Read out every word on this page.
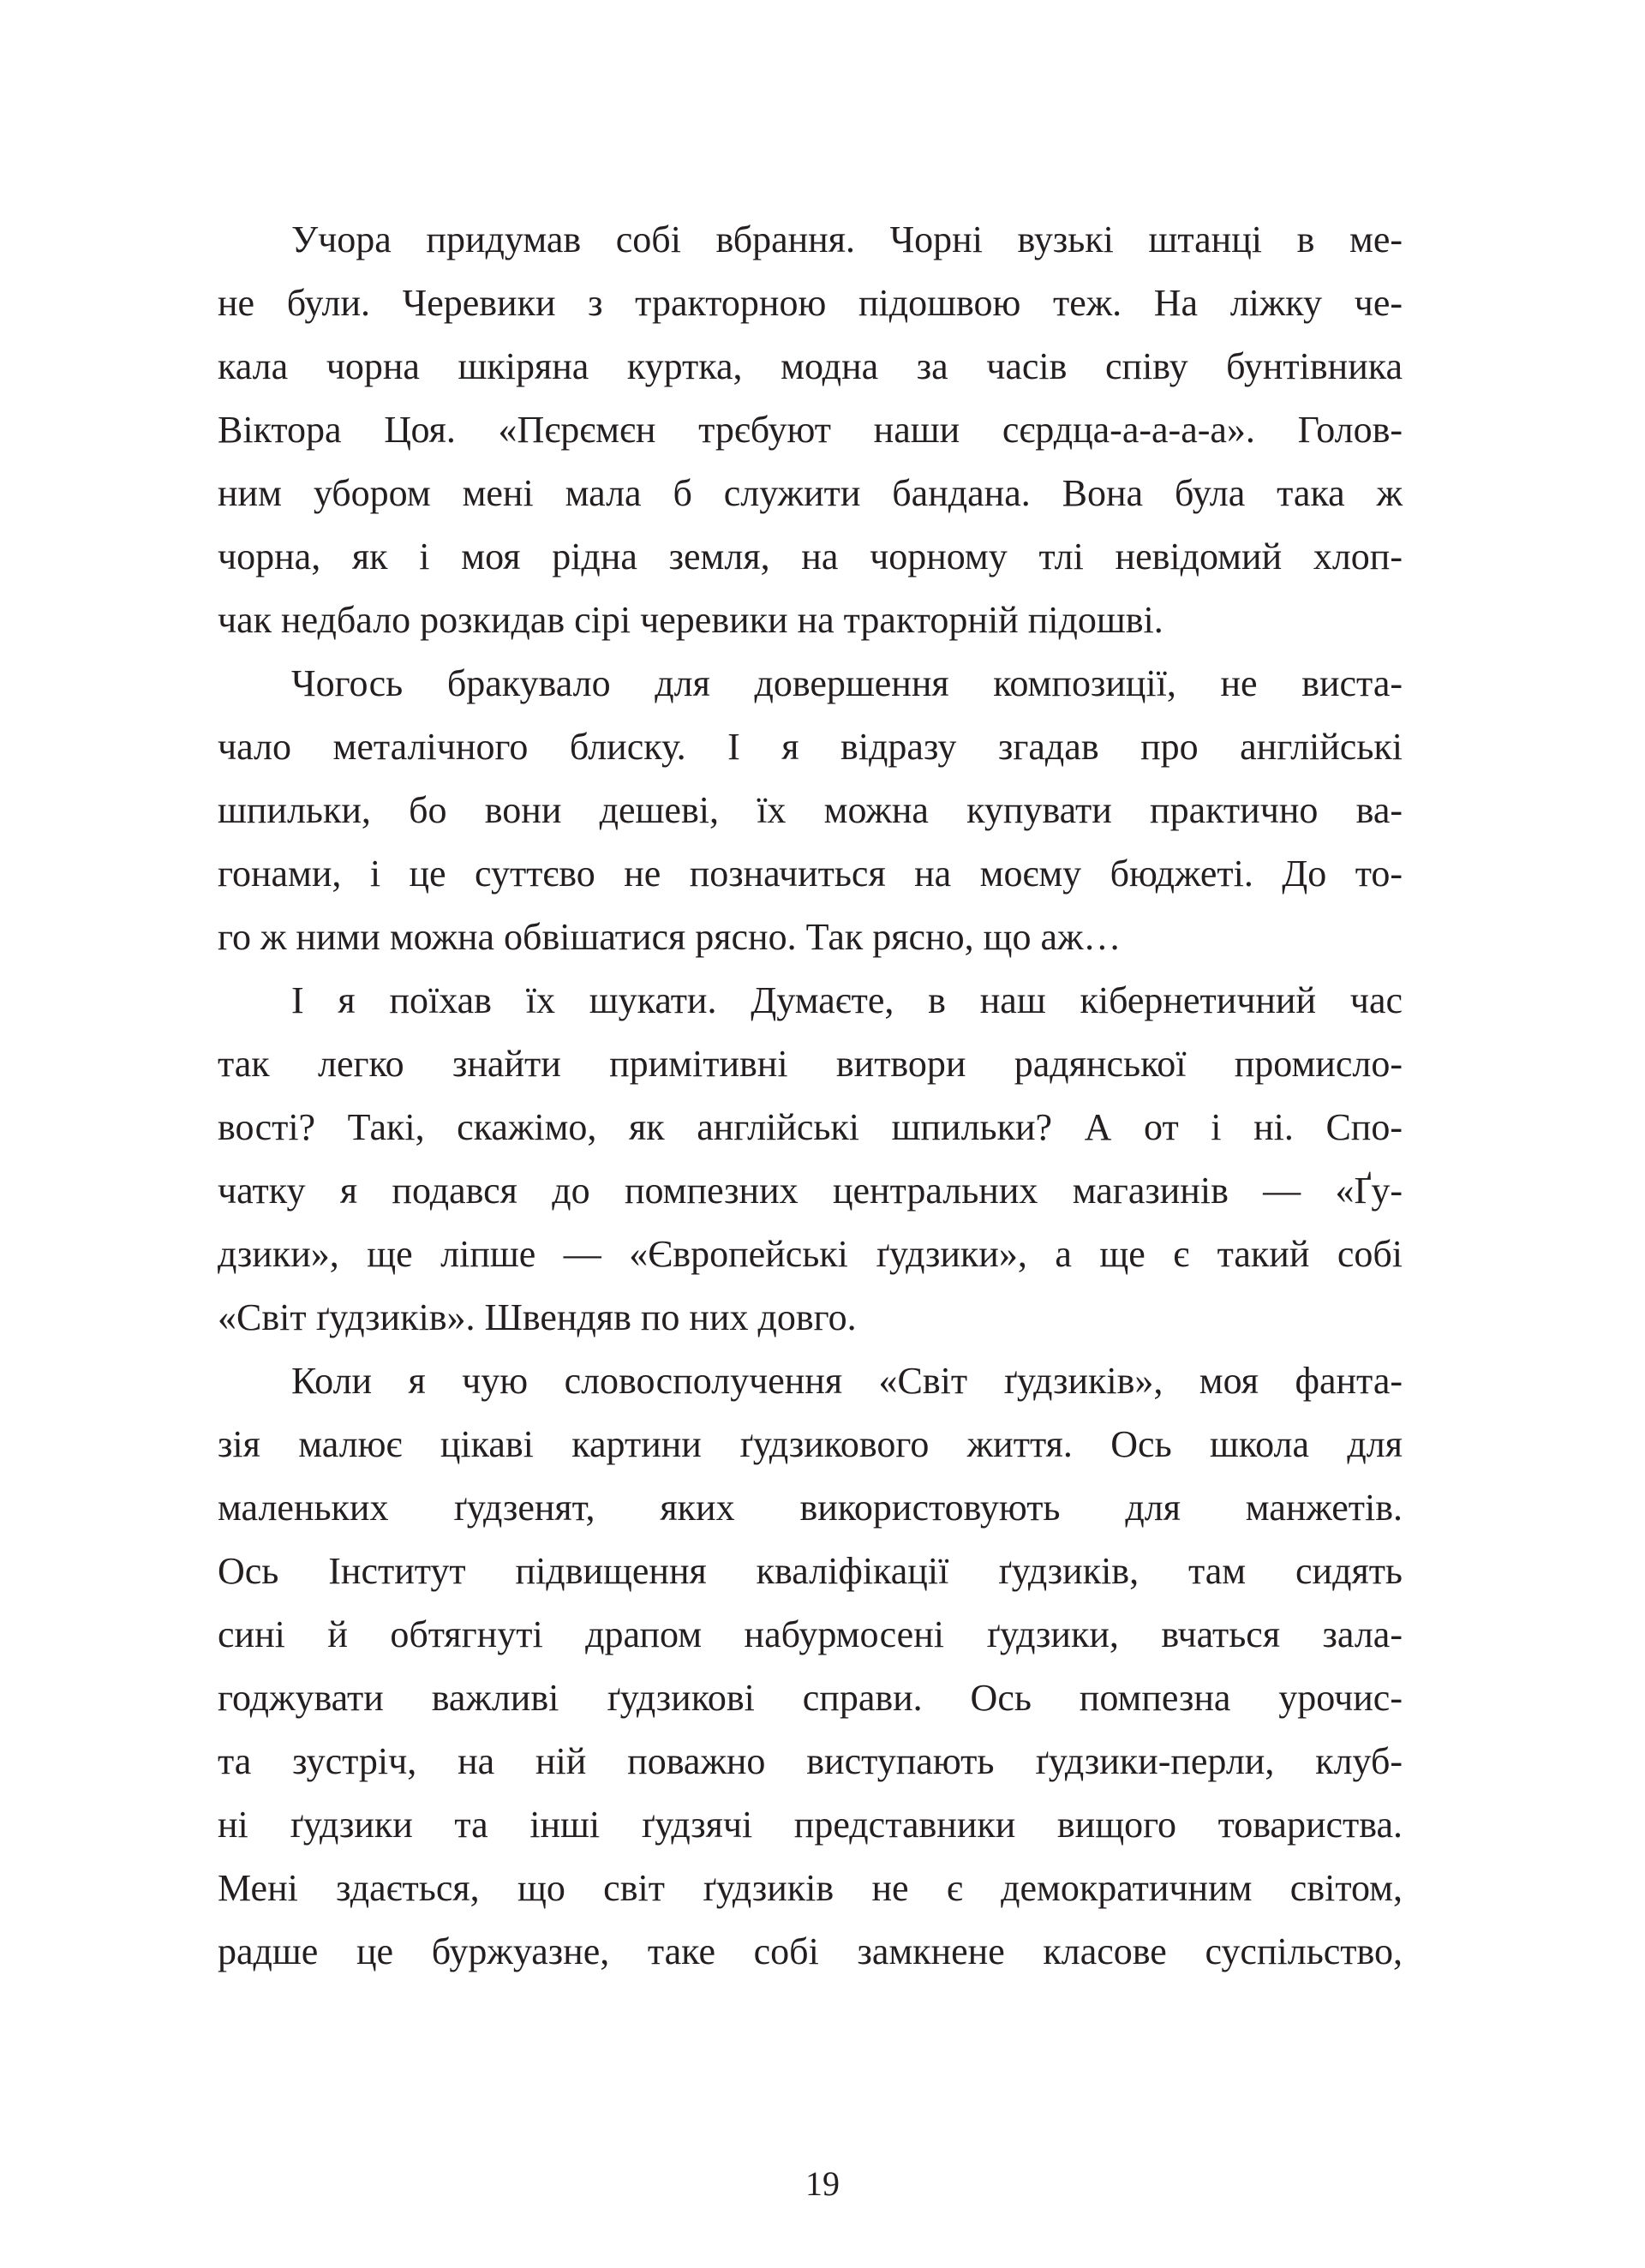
Учора придумав собі вбрання. Чорні вузькі штанці в ме-
не були. Черевики з тракторною підошвою теж. На ліжку че-
кала чорна шкіряна куртка, модна за часів співу бунтівника
Віктора Цоя. «Пєрємєн трєбуют наши сєрдца-а-а-а-а». Голов-
ним убором мені мала б служити бандана. Вона була така ж
чорна, як і моя рідна земля, на чорному тлі невідомий хлоп-
чак недбало розкидав сірі черевики на тракторній підошві.
Чогось бракувало для довершення композиції, не виста-
чало металічного блиску. І я відразу згадав про англійські
шпильки, бо вони дешеві, їх можна купувати практично ва-
гонами, і це суттєво не позначиться на моєму бюджеті. До то-
го ж ними можна обвішатися рясно. Так рясно, що аж…
І я поїхав їх шукати. Думаєте, в наш кібернетичний час
так легко знайти примітивні витвори радянської промисло-
вості? Такі, скажімо, як англійські шпильки? А от і ні. Спо-
чатку я подався до помпезних центральних магазинів — «Ґу-
дзики», ще ліпше — «Європейські ґудзики», а ще є такий собі
«Світ ґудзиків». Швендяв по них довго.
Коли я чую словосполучення «Світ ґудзиків», моя фанта-
зія малює цікаві картини ґудзикового життя. Ось школа для
маленьких ґудзенят, яких використовують для манжетів.
Ось Інститут підвищення кваліфікації ґудзиків, там сидять
сині й обтягнуті драпом набурмосені ґудзики, вчаться зала-
годжувати важливі ґудзикові справи. Ось помпезна урочис-
та зустріч, на ній поважно виступають ґудзики-перли, клуб-
ні ґудзики та інші ґудзячі представники вищого товариства.
Мені здається, що світ ґудзиків не є демократичним світом,
радше це буржуазне, таке собі замкнене класове суспільство,
19
